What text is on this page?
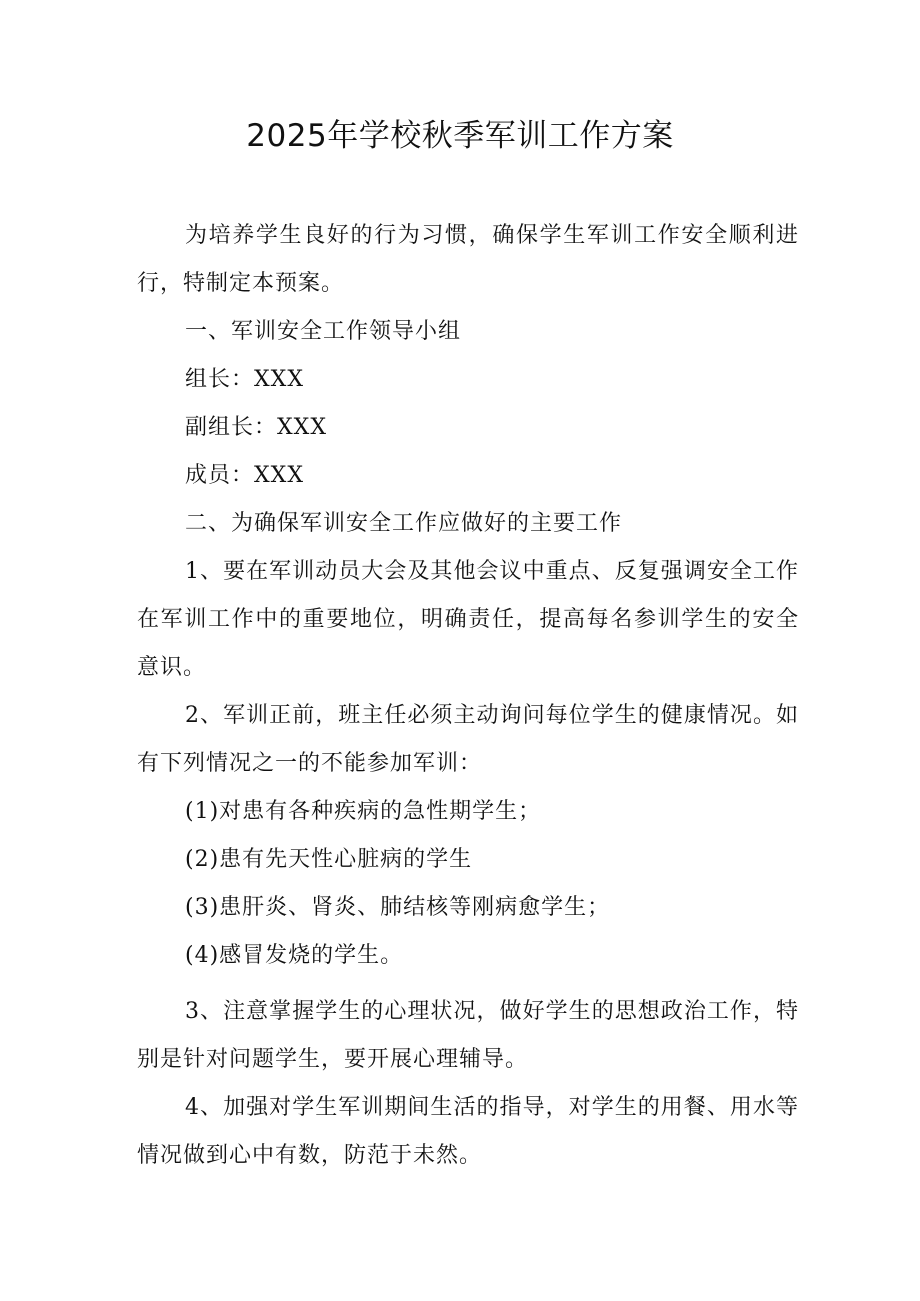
2025年学校秋季军训工作方案

为培养学生良好的行为习惯，确保学生军训工作安全顺利进行，特制定本预案。

一、军训安全工作领导小组

组长：XXX

副组长：XXX

成员：XXX

二、为确保军训安全工作应做好的主要工作

1、要在军训动员大会及其他会议中重点、反复强调安全工作在军训工作中的重要地位，明确责任，提高每名参训学生的安全意识。

2、军训正前，班主任必须主动询问每位学生的健康情况。如有下列情况之一的不能参加军训：

(1)对患有各种疾病的急性期学生；

(2)患有先天性心脏病的学生

(3)患肝炎、肾炎、肺结核等刚病愈学生；

(4)感冒发烧的学生。

3、注意掌握学生的心理状况，做好学生的思想政治工作，特别是针对问题学生，要开展心理辅导。

4、加强对学生军训期间生活的指导，对学生的用餐、用水等情况做到心中有数，防范于未然。
